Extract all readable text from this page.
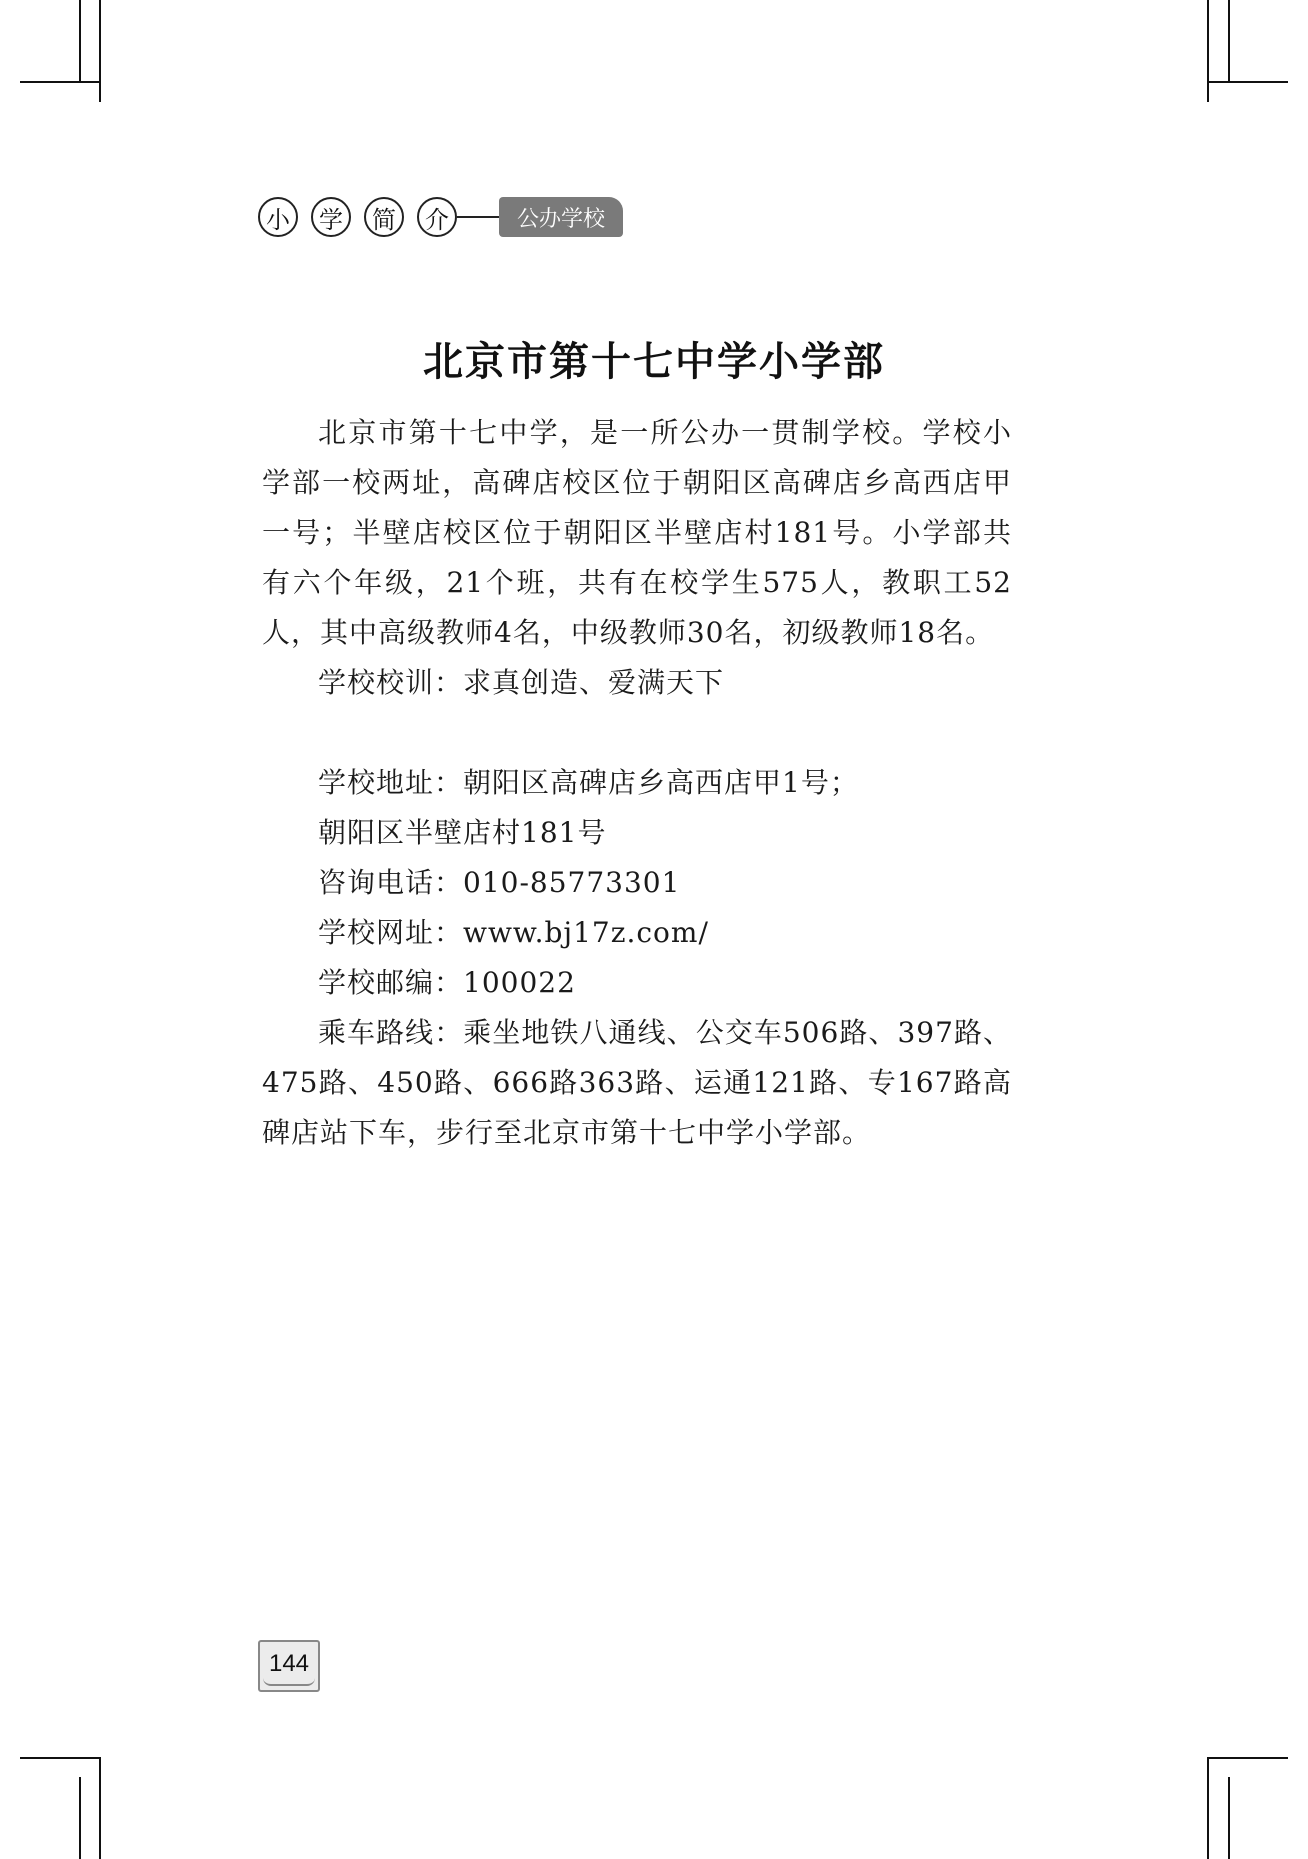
小	学	简	介	公办学校
北京市第十七中学小学部

北京市第十七中学，是一所公办一贯制学校。学校小学部一校两址，高碑店校区位于朝阳区高碑店乡高西店甲一号；半壁店校区位于朝阳区半壁店村181号。小学部共有六个年级，21个班，共有在校学生575人，教职工52人，其中高级教师4名，中级教师30名，初级教师18名。

学校校训：求真创造、爱满天下

学校地址：朝阳区高碑店乡高西店甲1号；

朝阳区半壁店村181号

咨询电话：010-85773301

学校网址：www.bj17z.com/

学校邮编：100022

乘车路线：乘坐地铁八通线、公交车506路、397路、475路、450路、666路363路、运通121路、专167路高碑店站下车，步行至北京市第十七中学小学部。

144
